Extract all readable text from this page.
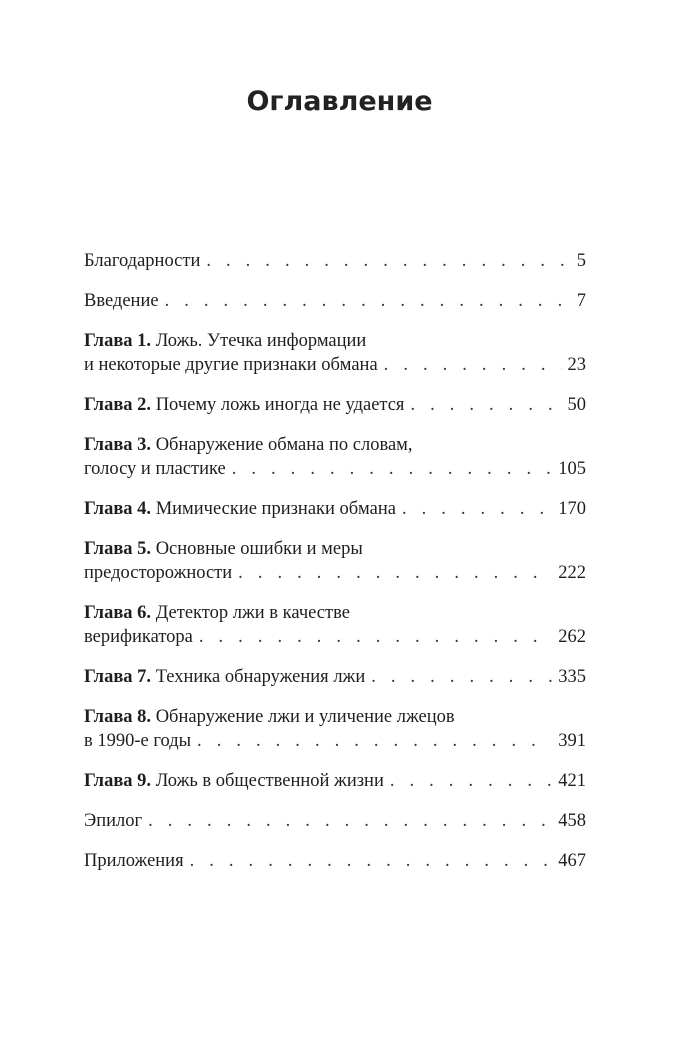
Оглавление
Благодарности . . .	5
Введение . . .	7
Глава 1. Ложь. Утечка информации
и некоторые другие признаки обмана . . .	23
Глава 2. Почему ложь иногда не удается . . .	50
Глава 3. Обнаружение обмана по словам,
голосу и пластике . . .	105
Глава 4. Мимические признаки обмана . . .	170
Глава 5. Основные ошибки и меры
предосторожности . . .	222
Глава 6. Детектор лжи в качестве
верификатора . . .	262
Глава 7. Техника обнаружения лжи . . .	335
Глава 8. Обнаружение лжи и уличение лжецов
в 1990-е годы . . .	391
Глава 9. Ложь в общественной жизни . . .	421
Эпилог . . .	458
Приложения . . .	467
